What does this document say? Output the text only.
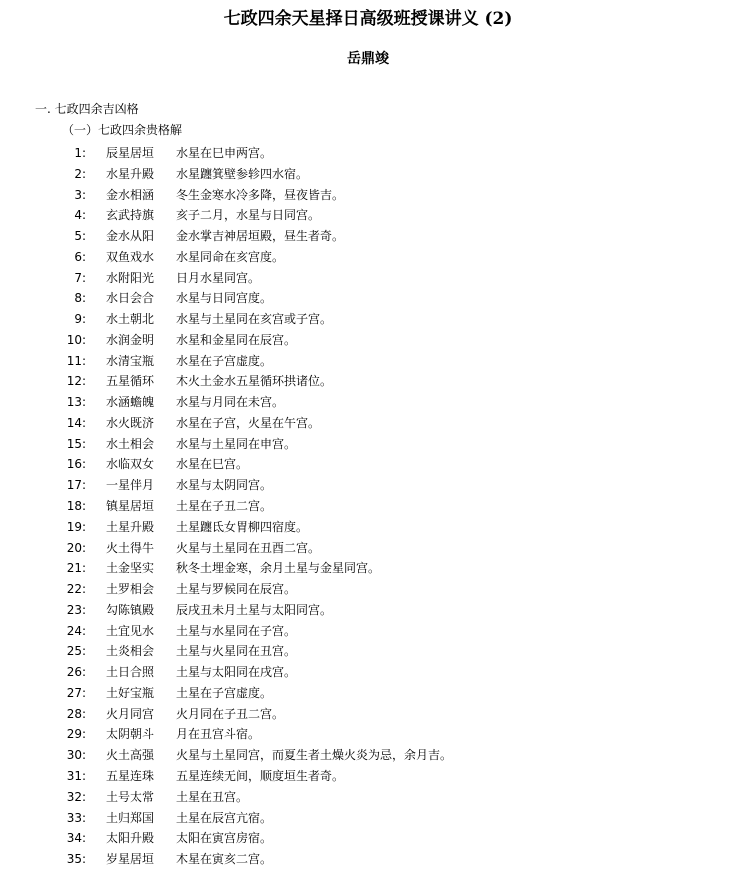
七政四余天星择日高级班授课讲义 (2)
岳鼎竣
一. 七政四余吉凶格
（一）七政四余贵格解
1: 辰星居垣 水星在巳申两宫。
2: 水星升殿 水星躔箕壁参轸四水宿。
3: 金水相涵 冬生金寒水冷多降，昼夜皆吉。
4: 玄武持旗 亥子二月，水星与日同宫。
5: 金水从阳 金水掌吉神居垣殿，昼生者奇。
6: 双鱼戏水 水星同命在亥宫度。
7: 水附阳光 日月水星同宫。
8: 水日会合 水星与日同宫度。
9: 水土朝北 水星与土星同在亥宫或子宫。
10: 水润金明 水星和金星同在辰宫。
11: 水清宝瓶 水星在子宫虚度。
12: 五星循环 木火土金水五星循环拱诸位。
13: 水涵蟾魄 水星与月同在未宫。
14: 水火既济 水星在子宫，火星在午宫。
15: 水土相会 水星与土星同在申宫。
16: 水临双女 水星在巳宫。
17: 一星伴月 水星与太阴同宫。
18: 镇星居垣 土星在子丑二宫。
19: 土星升殿 土星躔氐女胃柳四宿度。
20: 火土得牛 火星与土星同在丑酉二宫。
21: 土金坚实 秋冬土埋金寒，余月土星与金星同宫。
22: 土罗相会 土星与罗候同在辰宫。
23: 勾陈镇殿 辰戌丑未月土星与太阳同宫。
24: 土宜见水 土星与水星同在子宫。
25: 土炎相会 土星与火星同在丑宫。
26: 土日合照 土星与太阳同在戌宫。
27: 土好宝瓶 土星在子宫虚度。
28: 火月同宫 火月同在子丑二宫。
29: 太阴朝斗 月在丑宫斗宿。
30: 火土高强 火星与土星同宫，而夏生者土燥火炎为忌，余月吉。
31: 五星连珠 五星连续无间，顺度垣生者奇。
32: 土号太常 土星在丑宫。
33: 土归郑国 土星在辰宫亢宿。
34: 太阳升殿 太阳在寅宫房宿。
35: 岁星居垣 木星在寅亥二宫。
